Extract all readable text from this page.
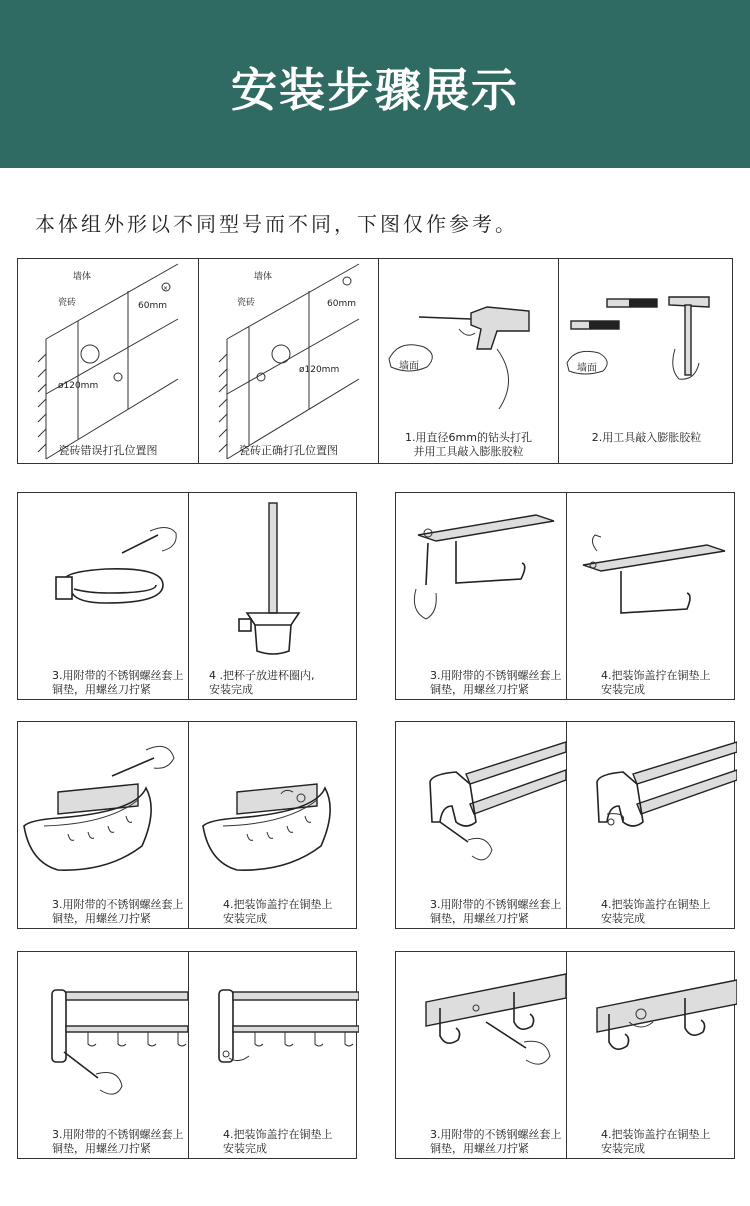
安装步骤展示
本体组外形以不同型号而不同，下图仅作参考。
×
墙体
瓷砖	60mm
ø120mm
瓷砖错误打孔位置图
墙体
瓷砖	60mm
ø120mm
瓷砖正确打孔位置图
墙面
1.用直径6mm的钻头打孔
并用工具敲入膨胀胶粒
墙面
2.用工具敲入膨胀胶粒
3.用附带的不锈钢螺丝套上
铜垫，用螺丝刀拧紧
4 .把杯子放进杯圈内,
安装完成
3.用附带的不锈钢螺丝套上
铜垫，用螺丝刀拧紧
4.把装饰盖拧在铜垫上
安装完成
3.用附带的不锈钢螺丝套上
铜垫，用螺丝刀拧紧
4.把装饰盖拧在铜垫上
安装完成
3.用附带的不锈钢螺丝套上
铜垫，用螺丝刀拧紧
4.把装饰盖拧在铜垫上
安装完成
3.用附带的不锈钢螺丝套上
铜垫，用螺丝刀拧紧
4.把装饰盖拧在铜垫上
安装完成
3.用附带的不锈钢螺丝套上
铜垫，用螺丝刀拧紧
4.把装饰盖拧在铜垫上
安装完成
